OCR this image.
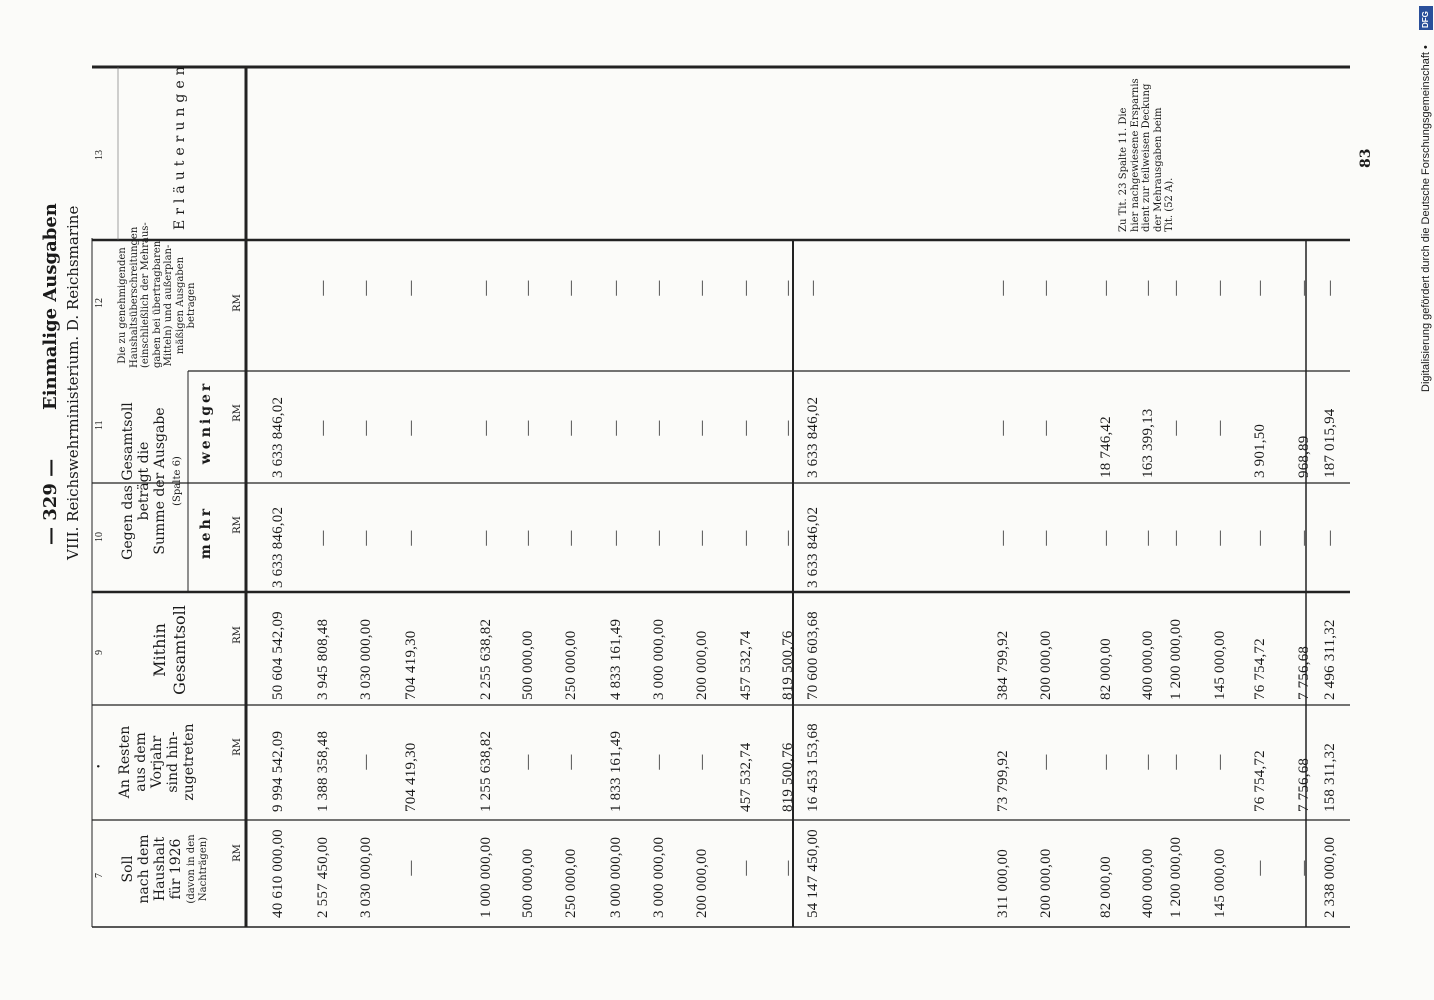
— 329 —
Einmalige Ausgaben VIII. Reichswehrministerium. D. Reichsmarine
83	Digitalisierung gefördert durch die Deutsche Forschungsgemeinschaft •
DFG
7
•
9
10
11
12
13
Soll
nach dem
Haushalt
für 1926
(davon in den
Nachträgen)
An Resten
aus dem
Vorjahr
sind hin-
zugetreten
Mithin
Gesamtsoll
Gegen das Gesamtsoll
beträgt die
Summe der Ausgabe
(Spalte 6)
mehr
weniger
Die zu genehmigenden
Haushaltsüberschreitungen
(einschließlich der Mehraus-
gaben bei übertragbaren
Mitteln) und außerplan-
mäßigen Ausgaben
betragen
Erläuterungen
RM
RM
RM
RM
RM
RM
Zu Tit. 23 Spalte 11. Die
hier nachgewiesene Ersparnis
dient zur teilweisen Deckung
der Mehrausgaben beim
Tit. (52 A).
40 610 000,00
9 994 542,09
50 604 542,09
3 633 846,02
3 633 846,02
2 557 450,00
1 388 358,48
3 945 808,48
—
—
—
3 030 000,00
—
3 030 000,00
—
—
—
—
704 419,30
704 419,30
—
—
—
1 000 000,00
1 255 638,82
2 255 638,82
—
—
—
500 000,00
—
500 000,00
—
—
—
250 000,00
—
250 000,00
—
—
—
3 000 000,00
1 833 161,49
4 833 161,49
—
—
—
3 000 000,00
—
3 000 000,00
—
—
—
200 000,00
—
200 000,00
—
—
—
—
457 532,74
457 532,74
—
—
—
—
819 500,76
819 500,76
—
—
—
54 147 450,00
16 453 153,68
70 600 603,68
3 633 846,02
3 633 846,02
—
311 000,00
73 799,92
384 799,92
—
—
—
200 000,00
—
200 000,00
—
—
—
82 000,00
—
82 000,00
—
18 746,42
—
400 000,00
—
400 000,00
—
163 399,13
—
1 200 000,00
—
1 200 000,00
—
—
—
145 000,00
—
145 000,00
—
—
—
—
76 754,72
76 754,72
—
3 901,50
—
—
7 756,68
7 756,68
—
968,89
—
2 338 000,00
158 311,32
2 496 311,32
—
187 015,94
—
